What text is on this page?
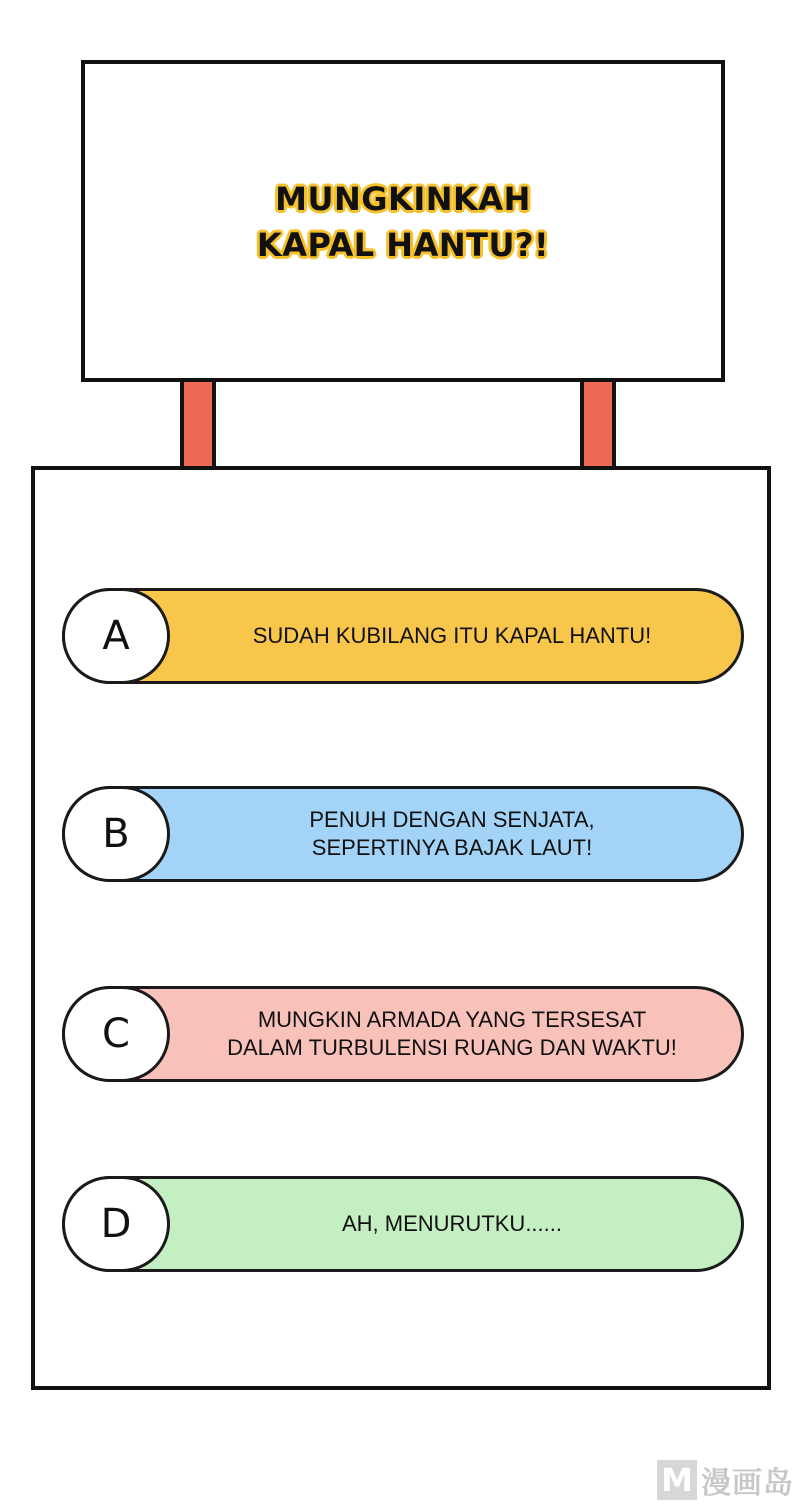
MUNGKINKAH
KAPAL HANTU?!
A	SUDAH KUBILANG ITU KAPAL HANTU!
B	PENUH DENGAN SENJATA,
SEPERTINYA BAJAK LAUT!
C	MUNGKIN ARMADA YANG TERSESAT
DALAM TURBULENSI RUANG DAN WAKTU!
D	AH, MENURUTKU......
M 漫画岛
